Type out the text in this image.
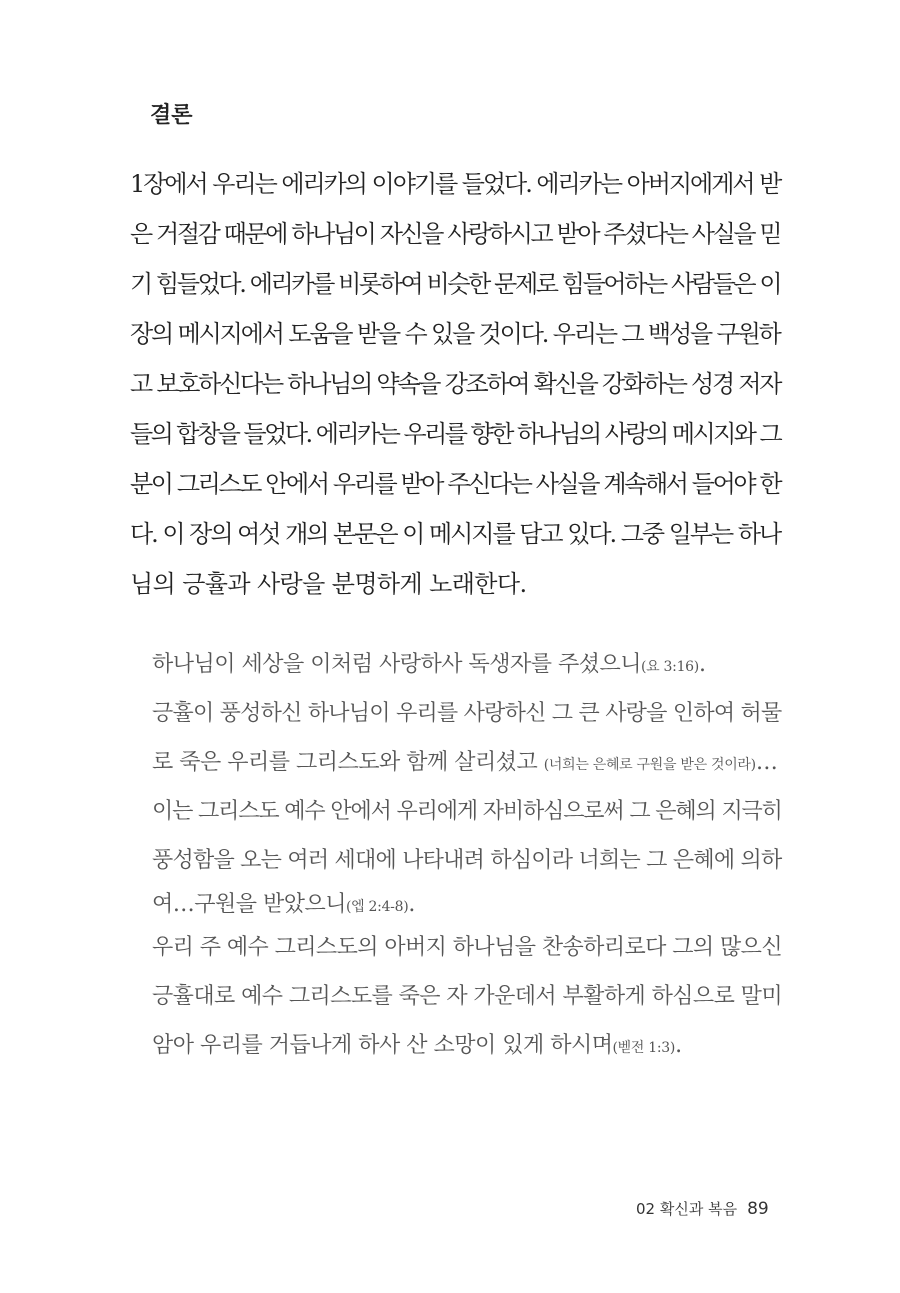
결론
1장에서 우리는 에리카의 이야기를 들었다. 에리카는 아버지에게서 받
은 거절감 때문에 하나님이 자신을 사랑하시고 받아 주셨다는 사실을 믿
기 힘들었다. 에리카를 비롯하여 비슷한 문제로 힘들어하는 사람들은 이
장의 메시지에서 도움을 받을 수 있을 것이다. 우리는 그 백성을 구원하
고 보호하신다는 하나님의 약속을 강조하여 확신을 강화하는 성경 저자
들의 합창을 들었다. 에리카는 우리를 향한 하나님의 사랑의 메시지와 그
분이 그리스도 안에서 우리를 받아 주신다는 사실을 계속해서 들어야 한
다. 이 장의 여섯 개의 본문은 이 메시지를 담고 있다. 그중 일부는 하나
님의 긍휼과 사랑을 분명하게 노래한다.
하나님이 세상을 이처럼 사랑하사 독생자를 주셨으니(요 3:16).
긍휼이 풍성하신 하나님이 우리를 사랑하신 그 큰 사랑을 인하여 허물
로 죽은 우리를 그리스도와 함께 살리셨고 (너희는 은혜로 구원을 받은 것이라)…
이는 그리스도 예수 안에서 우리에게 자비하심으로써 그 은혜의 지극히
풍성함을 오는 여러 세대에 나타내려 하심이라 너희는 그 은혜에 의하
여…구원을 받았으니(엡 2:4-8).
우리 주 예수 그리스도의 아버지 하나님을 찬송하리로다 그의 많으신
긍휼대로 예수 그리스도를 죽은 자 가운데서 부활하게 하심으로 말미
암아 우리를 거듭나게 하사 산 소망이 있게 하시며(벧전 1:3).
02 확신과 복음 89
